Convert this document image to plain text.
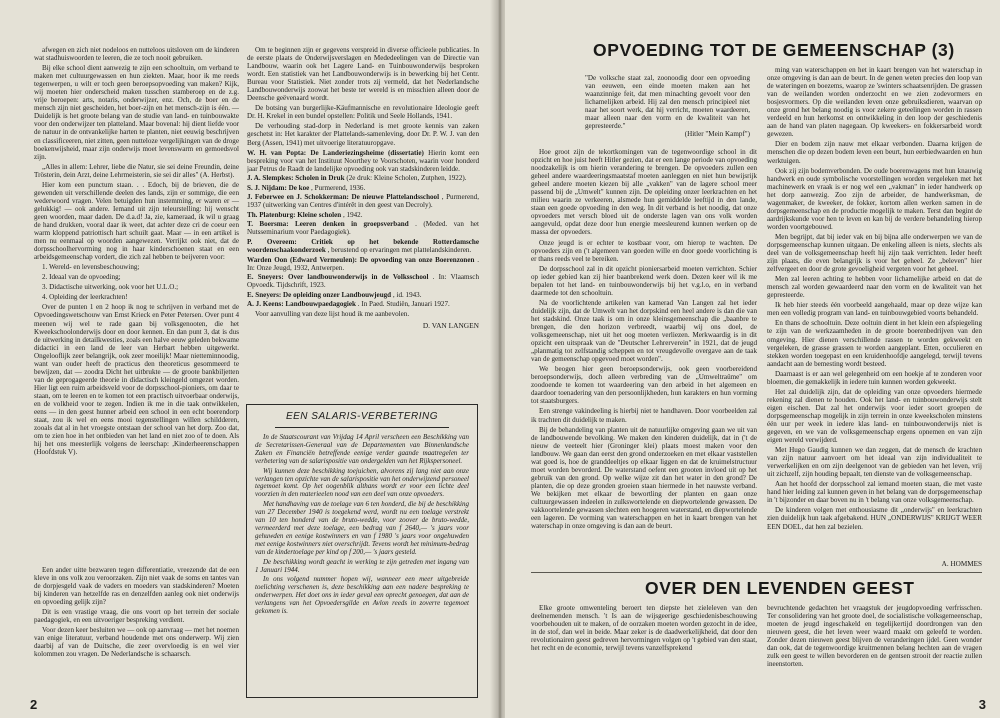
afwegen en zich niet nodeloos en nutteloos uitsloven om de kinderen wat stadhuiswoorden te leeren, die ze toch nooit gebruiken.

Bij elke school dient aanwezig te zijn een schooltuin, om verband te maken met cultuurgewassen en hun ziekten. Maar, hoor ik me reeds tegenwerpen, u wilt er toch geen beroepsopvoeding van maken? Kijk, wij moeten hier onderscheid maken tusschen stamberoep en de z.g. vrije beroepen: arts, notaris, onderwijzer, enz. Och, de boer en de mensch zijn niet gescheiden, het boer-zijn en het mensch-zijn is één. — Duidelijk is het groote belang van de studie van land- en tuinbouwakte voor den onderwijzer ten platteland. Maar bovenal: hij dient liefde voor de natuur in de ontvankelijke harten te planten, niet eeuwig beschrijven en classificeeren, niet zitten, geen nutteloze vergelijkingen van de droge boekenwijsheid, maar zijn onderwijs moet levenswarm en gemoedsvol zijn.

„Alles in allem: Lehrer, liebe die Natur, sie sei deine Freundin, deine Trösterin, dein Arzt, deine Lehrmeisterin, sie sei dir alles" (A. Herbst).

Hier kom een punctum staan. . . Edoch, bij de brieven, die de gewenden uit verschillende deelen des lands, zijn er sommige, die een wederwoord vragen. Velen betuigden hun instemming, er waren er — gelukkig! — ook andere. Iemand uit zijn teleurstelling: hij wenscht geen woorden, maar daden. De d.a.d! Ja, zie, kameraad, ik wil u graag de hand drukken, vooral daar ik weet, dat achter deze cri de coeur een warm kloppend patriottisch hart schuilt gaat. Maar — in een artikel is men nu eenmaal op woorden aangewezen. Verrijkt ook niet, dat de dorpsschoolhervorming nog in haar kinderschoenen staat en een arbeidsgemeenschap vordert, die zich zal hebben te beijveren voor:

1. Wereld- en levensbeschouwing;

2. Ideaal van de opvoeding;

3. Didactische uitwerking, ook voor het U.L.O.;

4. Opleiding der leerkrachten!

Over de punten 1 en 2 hoop ik nog te schrijven in verband met de Opvoedingswetschouw van Ernst Krieck en Peter Petersen. Over punt 4 meenen wij wel te rade gaan bij volksgenooten, die het Kweekschoolonderwijs door en door kennen. En dan punt 3, dat is dus de uitwerking in detailkwesties, zoals een halve eeuw geleden bekwame didactici in een land de leer van Herbart hebben uitgewerkt. Ongelooflijk zeer belangrijk, ook zeer moeilijk! Maar nietteminnoodig, want van ouder heeft de practicus den theoreticus gesommeerd te bewijzen, dat — zoodra Dicht het uitbrukte — de groote bankbiljetten van de geprogageerde theorie in didactisch kleingeld omgezet worden. Hier ligt een ruim arbeidsveld voor de dorpsschool-pioniers, om daar te staan, om te leeren en te komen tot een practisch uitvoerbaar onderwijs, en de volkheid voor te zegen. Indien ik me in die taak ontwikkelen, eens — in den geest hunner arbeid een school in een echt boerendorp staat, zou ik wel en eens mooi tegenstellingen willen schildderen, zooals dat al in het vroegste ontstaan der school van het dorp. Zoo dat, om te zien hoe in het ontbieden van het land en niet zoo of te doen. Als hij het ons meesterlijk volgens de leerschap: ,Kinderheerenschappen (Hoofdstuk V).

Een ander uitte bezwaren tegen differentiatie, vreezende dat de een kleve in ons volk zou veroorzaken. Zijn niet vaak de soms en tantes van de dorpjesgeld vaak de vaders en moeders van stadskinderen? Moeten bij kinderen van hetzelfde ras en denzelfden aanleg ook niet onderwijs en opvoeding gelijk zijn?

Dit is een vrastige vraag, die ons voort op het terrein der sociale paedagogiek, en een uitvoeriger bespreking verdient.

Voor dezen keer besluiten we — ook op aanvraag — met het noemen van enige literatuur, verband houdende met ons onderwerp. Wij zien daarbij af van de Duitsche, die zeer overvloedig is en wel vier kolommen zou vragen. De Nederlandsche is schaarsch.

Om te beginnen zijn er gegevens verspreid in diverse officieele publicaties. In de eerste plaats de Onderwijsverslagen en Mededeelingen van de Directie van Landbouw, waarin ook het Lagere Land- en Tuinbouwonderwijs besproken wordt. Een statistiek van het Landbouwonderwijs is in bewerking bij het Centr. Bureau voor Statistiek. Niet zonder trots zij vermeld, dat het Nederlandsche Landbouwonderwijs zoowat het beste ter wereld is en misschien alleen door de Deensche geëvenaard wordt.

De botsing van burgerlijke-Käufmannische en revolutionaire Ideologie geeft Dr. H. Krekel in een bundel opstellen: Politik und Seele Hollands, 1941.

De verhouding stad-dorp in Nederland is met groote kennis van zaken geschetst in: Het karakter der Plattelands-samenleving, door Dr. P. W. J. van den Berg (Assen, 1941) met uitvoerige literatuuropgave.

W. H. van Popta: De Landeriezingsheime (dissertatie) Hierin komt een bespreking voor van het Instituut Noorthey te Voorschoten, waarin voor honderd jaar Petrus de Raadt de landelijke opvoeding ook van stadskinderen leidde.
J. A. Slempkes: Scholen in Druk (2e druk: Kleine Scholen, Zutphen, 1922).
S. J. Nijdam: De koe , Purmerend, 1936.
J. Feberwee en J. Schokkerman: De nieuwe Plattelandsschool , Purmerend, 1937 (uitwerking van Centres d'intérêt in den geest van Decroly).
Th. Platenburg: Kleine scholen , 1942.
T. Boersma: Leeren denken in groepsverband . (Meded. van het Nutsseminarium voor Paedagogiek).
P. Overeem: Critiek op het bekende Rotterdamsche woordenschaakonderzoek , berustend op ervaringen met plattelandskinderen.
Warden Oon (Edward Vermeulen): De opvoeding van onze Boerenzonen . In: Onze Jeugd, 1932, Antwerpen.
E. Sneyers: Over landbouwonderwijs in de Volksschool . In: Vlaamsch Opvoedk. Tijdschrift, 1923.
E. Sneyers: De opleiding onzer Landbouwjeugd , id. 1943.
A. J. Keens: Landbouwpaedagogiek . In Paed. Studiën, Januari 1927.

Voor aanvulling van deze lijst houd ik me aanbevolen.

D. VAN LANGEN
EEN SALARIS-VERBETERING

In de Staatscourant van Vrijdag 14 April verscheen een Beschikking van de Secretarissen-Generaal van de Departementen van Binnenlandsche Zaken en Financiën betreffende eenige verder gaande maatregelen ter verbetering van de salarispositie van ondergelden van het Rijkspersoneel.

Wij kunnen deze beschikking toejuichen, alvorens zij lang niet aan onze verlangen ten opzichte van de salarispositie van het onderwijzend personeel tegemoet komt. Op het oogenblik althans wordt er voor een lichte deel voorzien in den materieelen nood van een deel van onze opvoeders.

Met handhaving van de toelage van 6 ten honderd, die bij de beschikking van 27 December 1940 is toegekend werd, wordt nu een toelage verstrekt van 10 ten honderd van de bruto-wedde, voor zoover de bruto-wedde, vermeerderd met deze toelage, een bedrag van f 2640,— 's jaars voor gehuwden en eenige kostwinners en van f 1980 's jaars voor ongehuwden met eenige kostwinners niet overschrijdt. Tevens wordt het minimum-bedrag van de kindertoelage per kind op f 200,— 's jaars gesteld.

De beschikking wordt geacht in werking te zijn getreden met ingang van 1 Januari 1944.

In ons volgend nummer hopen wij, wanneer een meer uitgebreide toelichting verschenen is, deze beschikking aan een nadere bespreking te onderwerpen. Het doet ons in ieder geval een oprecht genoegen, dat aan de verlangens van het Opvoedersgilde en Avlon reeds in zoverre tegemoet gekomen is.

2
OPVOEDING TOT DE GEMEENSCHAP (3)
"De volksche staat zal, zoonoodig door een opvoeding van eeuwen, een einde moeten maken aan het waanzinnige feit, dat men minachting gevoelt voor den lichamelijken arbeid. Hij zal den mensch principieel niet naar het soort werk, dat hij verricht, moeten waardeeren, maar alleen naar den vorm en de kwaliteit van het gepresteerde."
(Hitler "Mein Kampf")

Hoe groot zijn de tekortkomingen van de tegenwoordige school in dit opzicht en hoe juist heeft Hitler gezien, dat er een lange periode van opvoeding noodzakelijk is om hierin verandering te brengen. De opvoeders zullen een geheel andere waardeeringsmaatstaf moeten aanleggen en niet hun bewijsrijk geheel andere moeten kiezen bij alle „vakken" van de lagere school meer passend bij de „Umwelt" kunnen zijn. De opleiding onzer leerkrachten en het milieu waarin ze verkeeren, alsmede hun gemiddelde leeftijd in den lande, staan een goede opvoeding in den weg. In dit verband is het noodig, dat onze opvoeders met versch bloed uit de onderste lagen van ons volk worden aangevuld, opdat deze door hun energie meesleurend kunnen werken op de massa der opvoeders.

Onze jeugd is er echter te kostbaar voor, om hierop te wachten. De opvoeders zijn en ('t algemeen van goeden wille en door goede voorlichting is er thans reeds veel te bereiken.

De dorpsschool zal in dit opzicht pioniersarbeid moeten verrichten. Schier op ieder gebied kan zij hier baanbrekend werk doen. Dezen keer wil ik me bepalen tot het land- en tuinbouwonderwijs bij het v.g.l.o, en in verband daarmede tot den schooltuin.

Na de voorlichtende artikelen van kamerad Van Langen zal het ieder duidelijk zijn, dat de Umwelt van het dorpskind een heel andere is dan die van het stadskind. Onze taak is om in onze kleinsgemeenschap die „baanbre te brengen, die den horizon verbreedt, waarbij wij ons doel, de volksgemeenschap, niet uit het oog moeten verliezen. Merkwaardig is in dit opzicht een uitspraak van de "Deutscher Lehrerverein" in 1921, dat de jeugd „planmatig tot zelfstandig scheppen en tot vreugdevolle overgave aan de taak van de gemeenschap opgevoed moet worden".

We beogen hier geen beroepsonderwijs, ook geen voorbereidend beroepsonderwijs, doch alleen verbreding van de „Umweltraüme" om zoodoende te komen tot waardeering van den arbeid in het algemeen en daardoor toenadering van den persoonlijkheden, hun karakters en hun vorming tot staatsburgers.

Een strenge vakindeeling is hierbij niet te handhaven. Door voorbeelden zal ik trachten dit duidelijk te maken.

Bij de behandeling van planten uit de natuurlijke omgeving gaan we uit van de landbouwende bevolking. We maken den kinderen duidelijk, dat in ('t de nieuw de veeteelt hier (Groninger klei) plaats moest maken voor den landbouw. We gaan dan eerst den grond onderzoeken en met elkaar vaststellen wat goed is, hoe de granddeeltjes op elkaar liggen en dat de kruimelstructuur moet worden bevorderd. De waterstand oefent een grooten invloed uit op het gebruik van den grond. Op welke wijze zit dan het water in den grond? De planten, die op deze gronden groeien staan hiermede in het nauwste verband. We bekijken met elkaar de bewortling der planten en gaan onze cultuurgewassen indeelen in zulkswortelende en diepwortelende gewassen. De vakkoortelende gewassen slechten een hoogeren waterstand, en diepwortelende een lageren. De vorming van waterschappen en het in kaart brengen van het waterschap in onze omgeving is dan aan de beurt.

ming van waterschappen en het in kaart brengen van het waterschap in onze omgeving is dan aan de beurt. In de genen weten precies den loop van de wateringen en boezems, waarop ze 'swinters schaatsenrijden. De grassen van de weilanden worden onderzocht en we zien zodevormers en bosjesvormers. Op die weilanden leven onze gebruiksdieren, waarvan op onze grond het belang noodig is voor zekere geteelingen worden in rassen verdeeld en hun herkomst en ontwikkeling in den loop der geschiedenis aan de hand van platen nagegaan. Op kweekers- en fokkersarbeid wordt gewezen.

Dier en bodem zijn nauw met elkaar verbonden. Daarna krijgen de menschen die op dezen bodem leven een beurt, hun eerbiedwaarden en hun werktuigen.

Ook zij zijn bodemverbonden. De oude boerenwagens met hun knauwig handwerk en oude symbolische voorstellingen worden vergeleken met het machinewerk en vraak is er nog wel een „vakman" in ieder handwerk op het dorp aanwezig. Zoo zijn de arbeider, de handwerksman, de wagenmaker, de kweeker, de fokker, kortom allen werken samen in de dorpsgemeenschap en de productie mogelijk te maken. Terst dan begint de aardrijkskunde voor hen te leven en kan bij de verdere behandeling hierop worden voortgebouwd.

Men begrijpt, dat bij ieder vak en bij bijna alle onderwerpen we van de dorpsgemeenschap kunnen uitgaan. De enkeling alleen is niets, slechts als deel van de volksgemeenschap heeft hij zijn taak verrichten. Ieder heeft zijn plaats, die even belangrijk is voor het geheel. Ze „beleven" hier zelfvergeet en door de grote gevoeligheid vergeten voor het geheel.

Men zal leeren achting te hebben voor lichamelijke arbeid en dat de mensch zal worden gewaardeerd naar den vorm en de kwaliteit van het gepresteerde.

Ik heb hier steeds één voorbeeld aangehaald, maar op deze wijze kan men een volledig program van land- en tuinbouwgebied voorts behandeld.

En thans de schooltuin. Deze ooltuin dient in het klein een afspiegeling te zijn van de werkzaamheden in de groote boerenbedrijven van den omgeving. Hier dienen verschillende rassen te worden gekweekt en vergeleken, de grasse grassen te worden aangeplant. Etten, occulieren en stekken worden toegepast en een kruidenhoofdje aangelegd, terwijl tevens aandacht aan de bemesting wordt besteed.

Daarnaast is er aan wel gelegenheid om een hoekje af te zonderen voor bloemen, die gemakkelijk in iedere tuin kunnen worden gekweekt.

Het zal duidelijk zijn, dat de opleiding van onze opvoeders hiermede rekening zal dienen te houden. Ook het land- en tuinbouwonderwijs stelt eigen eischen. Dat zal het onderwijs voor ieder soort groepen de dorpsgemeenschap mogelijk in zijn terrein in onze kweekscholen minstens één uur per week in iedere klas land- en tuinbouwonderwijs niet is gegeven, en we van de volksgemeenschap ergens opnemen en van zijn eigen wereld verwijderd.

Met Hugo Gaudig kunnen we dan zeggen, dat de mensch de krachten van zijn natuur aanvoert om het ideaal van zijn individualiteit te verwerkelijken en om zijn deelgenoot van de gebieden van het leven, vrij uit zichzelf, zijn houding bepaalt, ten dienste van de volksgemeenschap.

Aan het hoofd der dorpsschool zal iemand moeten staan, die met vaste hand hier leiding zal kunnen geven in het belang van de dorpsgemeenschap in 't bijzonder en daar boven nu in 't belang van onze volksgemeenschap.

De kinderen volgen met enthousiasme dit „onderwijs" en leerkrachten zien duidelijk hun taak afgebakend. HUN „ONDERWIJS" KRIJGT WEER EEN DOEL, dat hen zal bezielen.

A. HOMMES
OVER DEN LEVENDEN GEEST

Elke groote omwenteling beroert ten diepste het zieleleven van den deelnemenden mensch. 't Is aan de wijsgeerige geschiedenisbeschouwing voorbehouden uit te maken, of de oorzaken moeten worden gezocht in de idee, in de stof, dan wel in beide. Maar zeker is de daadwerkelijkheid, dat door den revolutionairen geest gedreven hervormingen volgen op 't gebied van den staat, het recht en de economie, terwijl tevens vanzelfsprekend

bevruchtende gedachten het vraagstuk der jeugdopvoeding verfrisschen. Ter consolidering van het groote doel, de socialistische volksgemeenschap, moeten de jeugd ingeschakeld en tegelijkertijd doordrongen van den nieuwen geest, die het leven weer waard maakt om geleefd te worden. Zonder dezen nieuwen geest blijven de veranderingen ijdel. Geen wonder dan ook, dat de tegenwoordige kruitmennen belang hechten aan de vragen zulk een geest te willen bevorderen en de gentsen strooit der reactie zullen ineenstorten.

3
